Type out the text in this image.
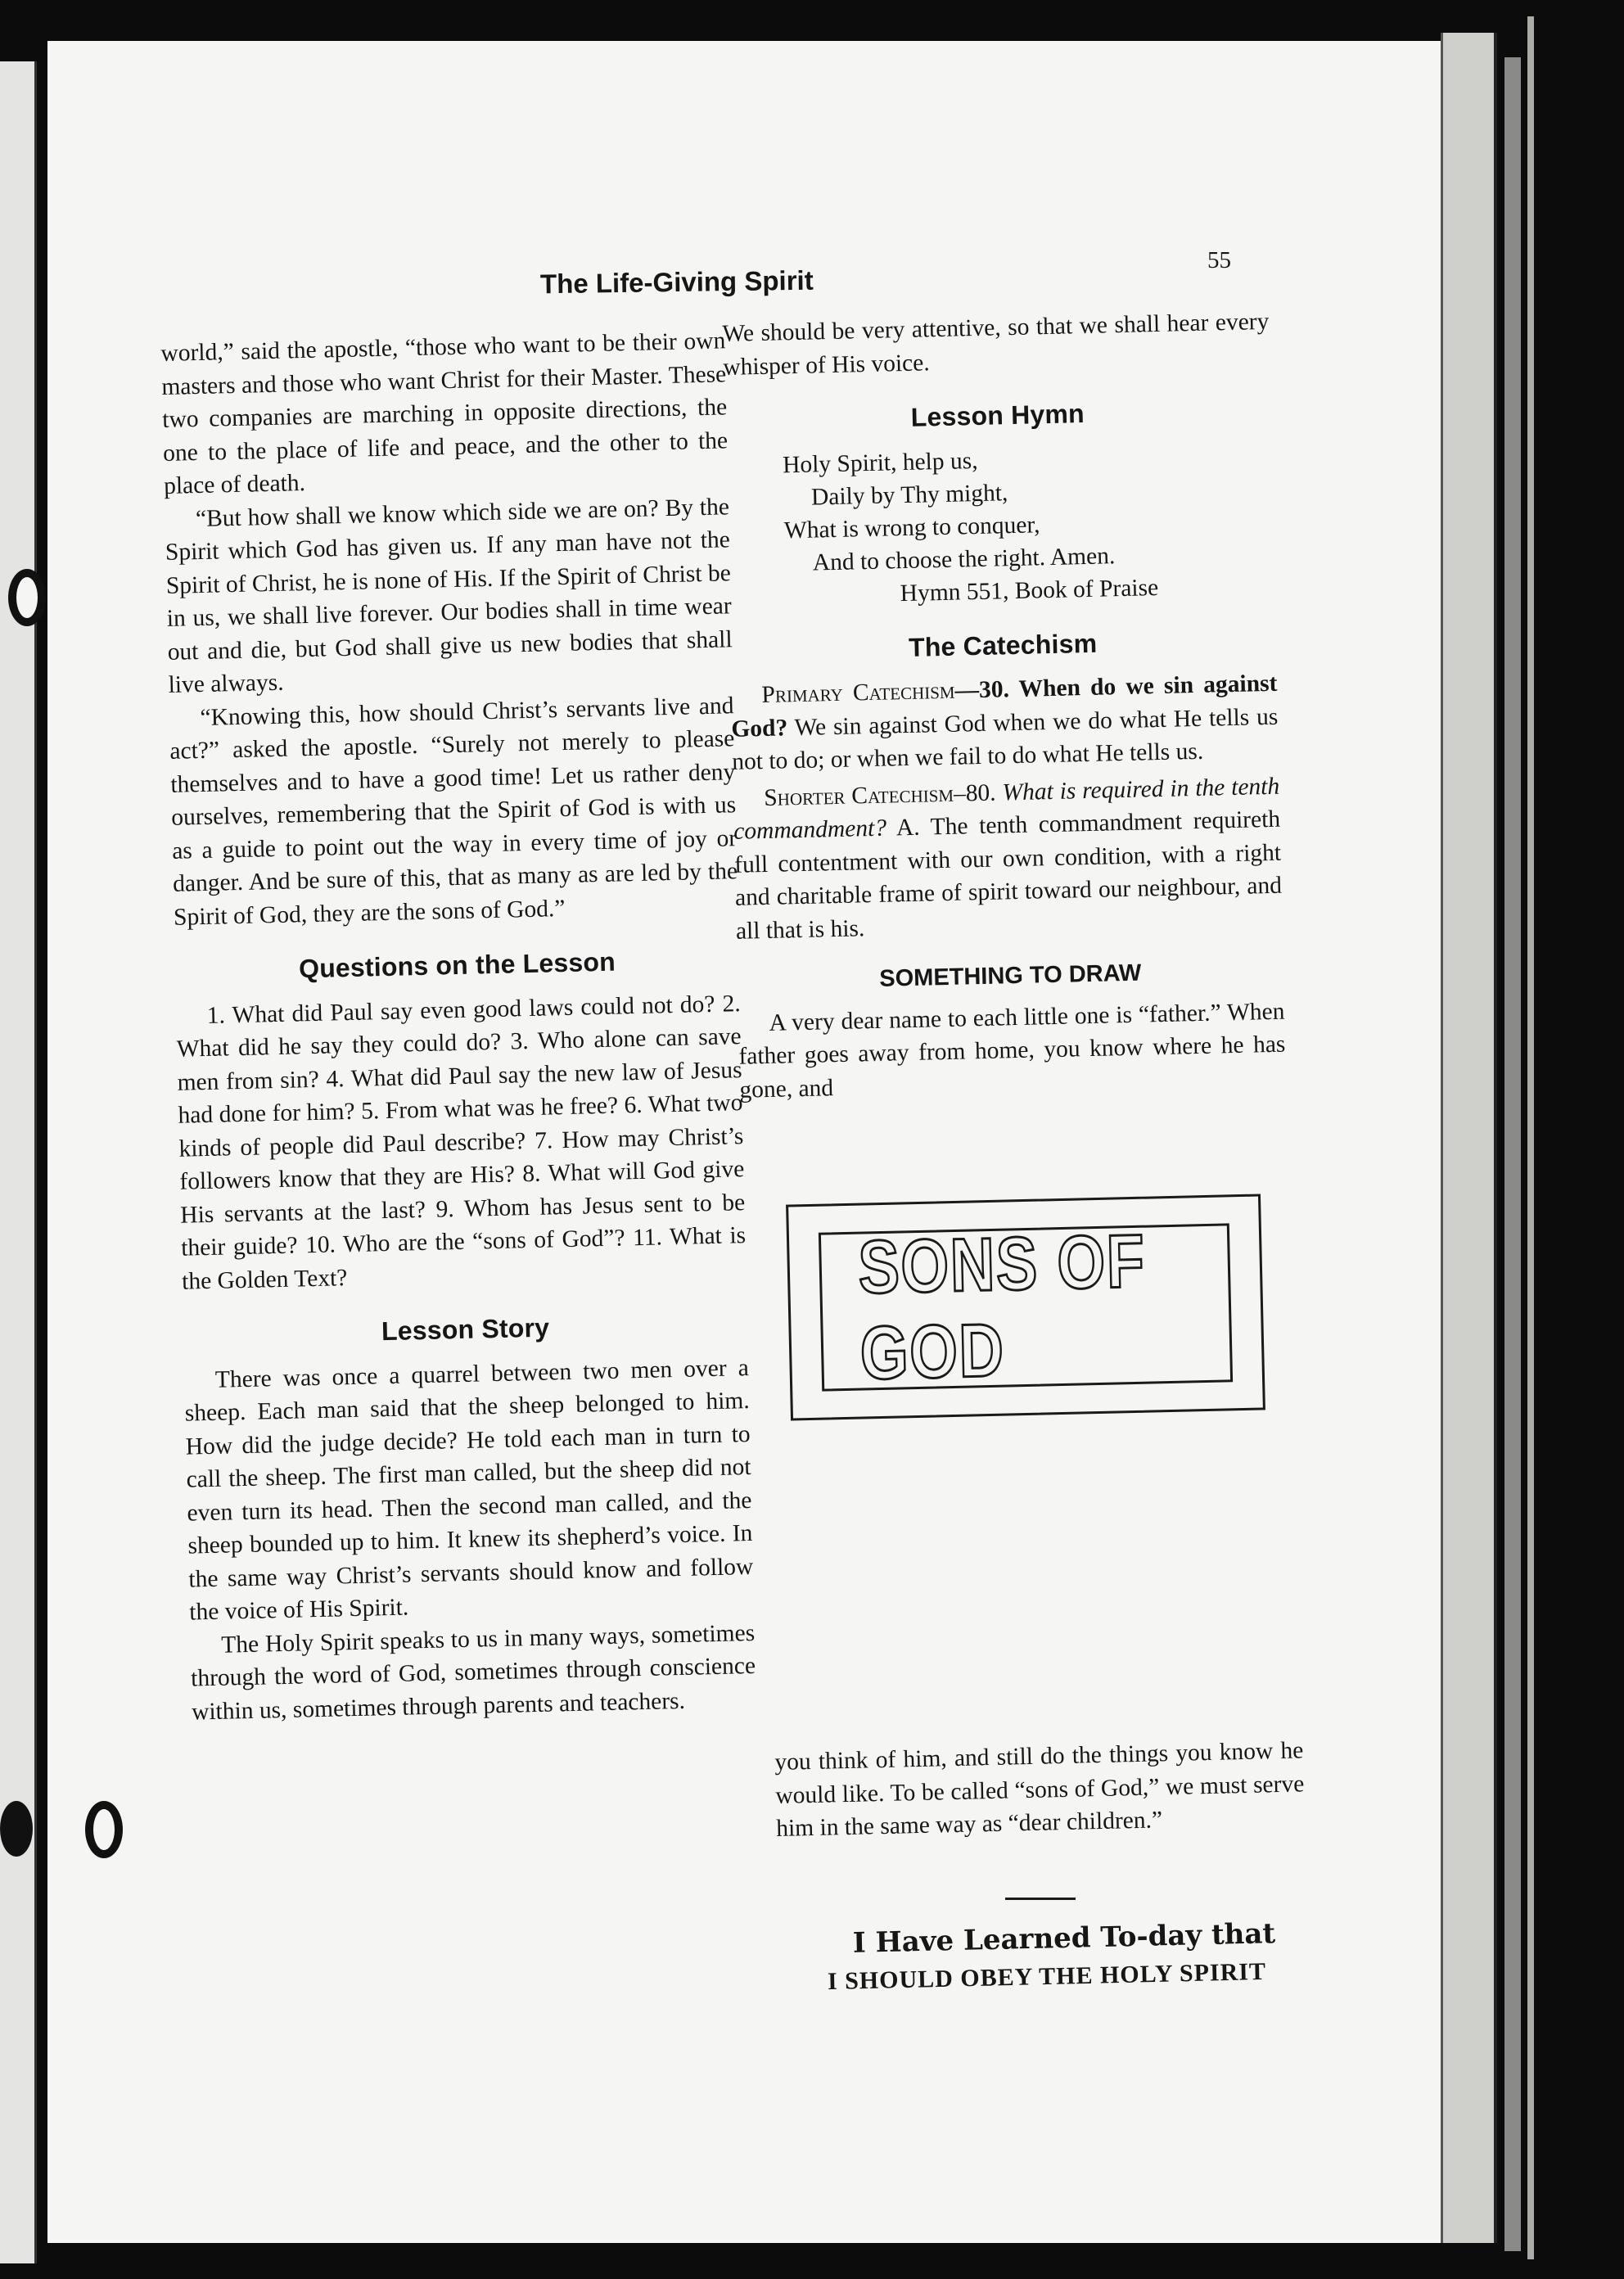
55
The Life-Giving Spirit

world,” said the apostle, “those who want to be their own masters and those who want Christ for their Master. These two companies are marching in opposite directions, the one to the place of life and peace, and the other to the place of death.

“But how shall we know which side we are on? By the Spirit which God has given us. If any man have not the Spirit of Christ, he is none of His. If the Spirit of Christ be in us, we shall live forever. Our bodies shall in time wear out and die, but God shall give us new bodies that shall live always.

“Knowing this, how should Christ’s servants live and act?” asked the apostle. “Surely not merely to please themselves and to have a good time! Let us rather deny ourselves, remembering that the Spirit of God is with us as a guide to point out the way in every time of joy or danger. And be sure of this, that as many as are led by the Spirit of God, they are the sons of God.”

Questions on the Lesson

1. What did Paul say even good laws could not do? 2. What did he say they could do? 3. Who alone can save men from sin? 4. What did Paul say the new law of Jesus had done for him? 5. From what was he free? 6. What two kinds of people did Paul describe? 7. How may Christ’s followers know that they are His? 8. What will God give His servants at the last? 9. Whom has Jesus sent to be their guide? 10. Who are the “sons of God”? 11. What is the Golden Text?

Lesson Story

There was once a quarrel between two men over a sheep. Each man said that the sheep belonged to him. How did the judge decide? He told each man in turn to call the sheep. The first man called, but the sheep did not even turn its head. Then the second man called, and the sheep bounded up to him. It knew its shepherd’s voice. In the same way Christ’s servants should know and follow the voice of His Spirit.

The Holy Spirit speaks to us in many ways, sometimes through the word of God, sometimes through conscience within us, sometimes through parents and teachers.

We should be very attentive, so that we shall hear every whisper of His voice.

Lesson Hymn
Holy Spirit, help us,
Daily by Thy might,
What is wrong to conquer,
And to choose the right. Amen.
Hymn 551, Book of Praise
The Catechism

Primary Catechism—30. When do we sin against God? We sin against God when we do what He tells us not to do; or when we fail to do what He tells us.

Shorter Catechism–80. What is required in the tenth commandment? A. The tenth commandment requireth full contentment with our own condition, with a right and charitable frame of spirit toward our neighbour, and all that is his.

SOMETHING TO DRAW

A very dear name to each little one is “father.” When father goes away from home, you know where he has gone, and

SONS OF GOD

you think of him, and still do the things you know he would like. To be called “sons of God,” we must serve him in the same way as “dear children.”

I Have Learned To-day that
I SHOULD OBEY THE HOLY SPIRIT
